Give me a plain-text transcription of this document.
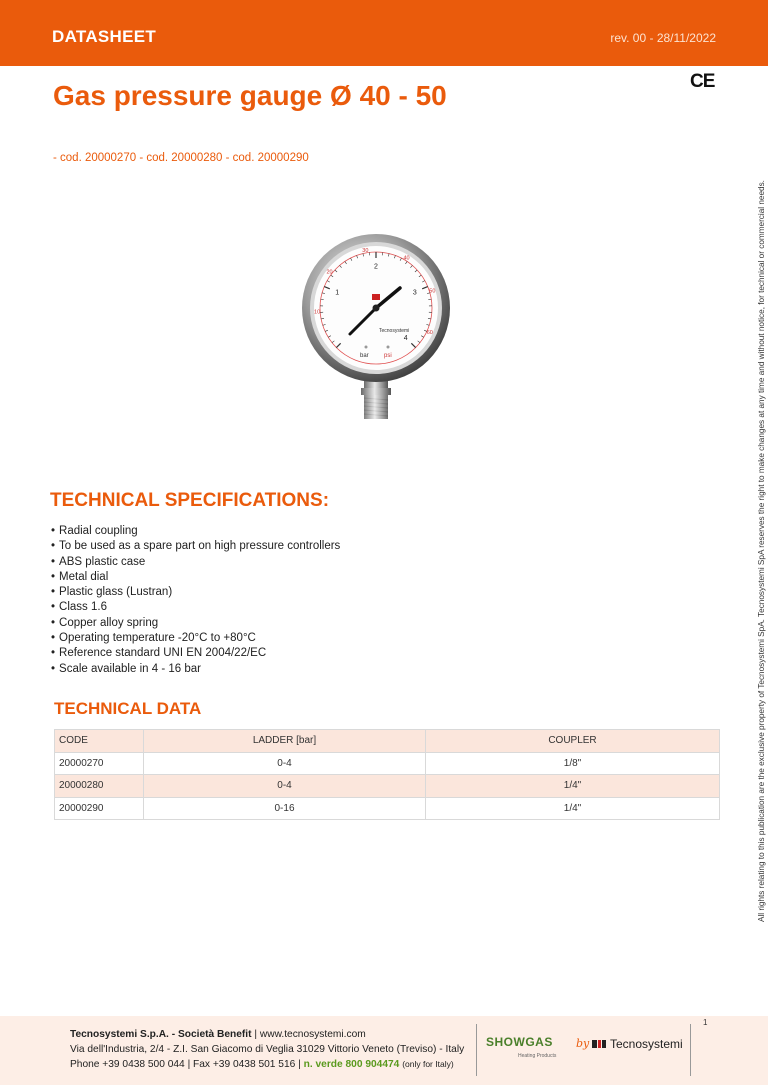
DATASHEET	rev. 00 - 28/11/2022
Gas pressure gauge Ø 40 - 50	CE
- cod. 20000270 - cod. 20000280 - cod. 20000290
All rights relating to this publication are the exclusive property of Tecnosystemi SpA. Tecnosystemi SpA reserves the right to make changes at any time and without notice, for technical or commercial needs.
1
2
3
4
10
20
30
40
50
60
Tecnosystemi
bar	psi
TECHNICAL SPECIFICATIONS:
• Radial coupling
• To be used as a spare part on high pressure controllers
• ABS plastic case
• Metal dial
• Plastic glass (Lustran)
• Class 1.6
• Copper alloy spring
• Operating temperature -20°C to +80°C
• Reference standard UNI EN 2004/22/EC
• Scale available in 4 - 16 bar
TECHNICAL DATA
CODE	LADDER [bar]	COUPLER
20000270	0-4	1/8"
20000280	0-4	1/4"
20000290	0-16	1/4"
Tecnosystemi S.p.A. - Società Benefit | www.tecnosystemi.com
Via dell'Industria, 2/4 - Z.I. San Giacomo di Veglia 31029 Vittorio Veneto (Treviso) - Italy
Phone +39 0438 500 044 | Fax +39 0438 501 516 | n. verde 800 904474 (only for Italy)
1
SHOWGAS
Heating Products
by Tecnosystemi
